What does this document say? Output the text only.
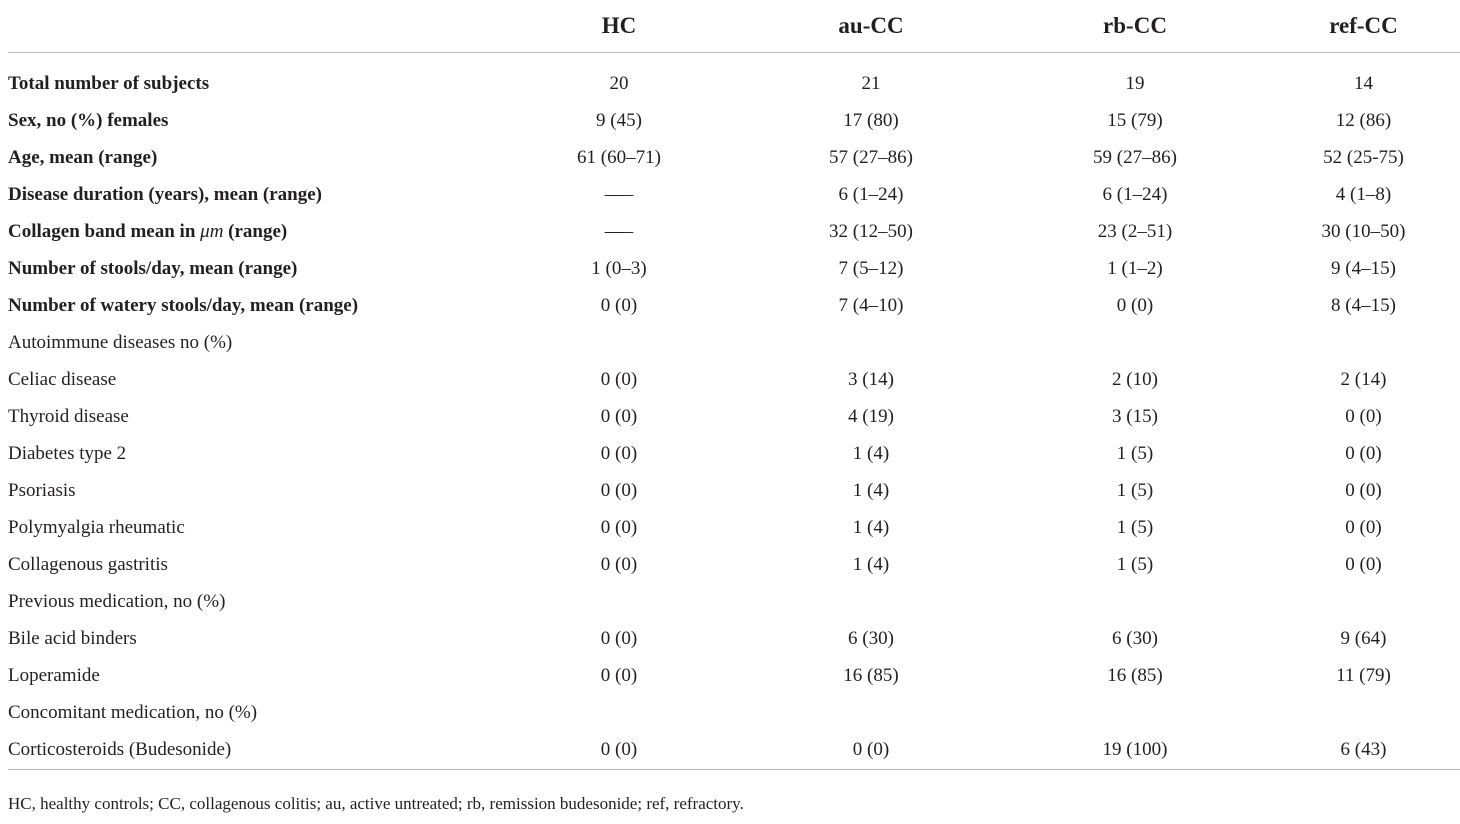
	HC	au-CC	rb-CC	ref-CC

Total number of subjects	20	21	19	14
Sex, no (%) females	9 (45)	17 (80)	15 (79)	12 (86)
Age, mean (range)	61 (60–71)	57 (27–86)	59 (27–86)	52 (25-75)
Disease duration (years), mean (range)	—–	6 (1–24)	6 (1–24)	4 (1–8)
Collagen band mean in μm (range)	—–	32 (12–50)	23 (2–51)	30 (10–50)
Number of stools/day, mean (range)	1 (0–3)	7 (5–12)	1 (1–2)	9 (4–15)
Number of watery stools/day, mean (range)	0 (0)	7 (4–10)	0 (0)	8 (4–15)
Autoimmune diseases no (%)				
Celiac disease	0 (0)	3 (14)	2 (10)	2 (14)
Thyroid disease	0 (0)	4 (19)	3 (15)	0 (0)
Diabetes type 2	0 (0)	1 (4)	1 (5)	0 (0)
Psoriasis	0 (0)	1 (4)	1 (5)	0 (0)
Polymyalgia rheumatic	0 (0)	1 (4)	1 (5)	0 (0)
Collagenous gastritis	0 (0)	1 (4)	1 (5)	0 (0)
Previous medication, no (%)				
Bile acid binders	0 (0)	6 (30)	6 (30)	9 (64)
Loperamide	0 (0)	16 (85)	16 (85)	11 (79)
Concomitant medication, no (%)				
Corticosteroids (Budesonide)	0 (0)	0 (0)	19 (100)	6 (43)
HC, healthy controls; CC, collagenous colitis; au, active untreated; rb, remission budesonide; ref, refractory.
